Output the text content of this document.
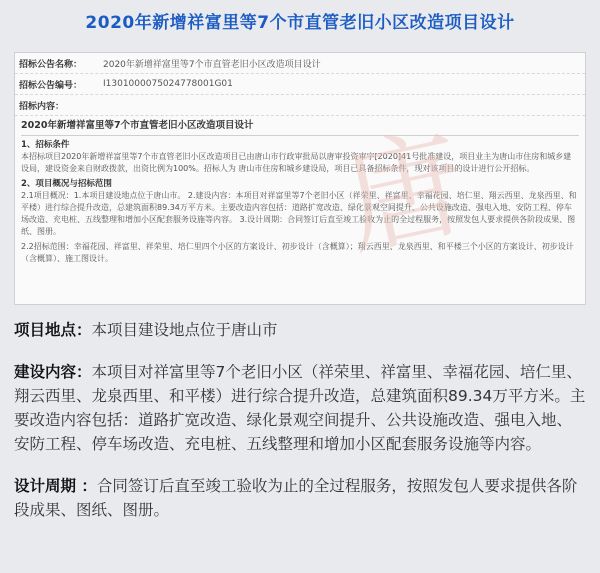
2020年新增祥富里等7个市直管老旧小区改造项目设计
招标公告名称：	2020年新增祥富里等7个市直管老旧小区改造项目设计
招标公告编号：	I1301000075024778001G01
招标内容：
2020年新增祥富里等7个市直管老旧小区改造项目设计
1、招标条件
本招标项目2020年新增祥富里等7个市直管老旧小区改造项目已由唐山市行政审批局以唐审投资审字[2020]41号批准建设，项目业主为唐山市住房和城乡建设局，建设资金来自财政拨款，出资比例为100%。招标人为 唐山市住房和城乡建设局，项目已具备招标条件，现对该项目的设计进行公开招标。
2、项目概况与招标范围
2.1项目概况：1.本项目建设地点位于唐山市。 2.建设内容：本项目对祥富里等7个老旧小区（祥荣里、祥富里、幸福花园、培仁里、翔云西里、龙泉西里、和平楼）进行综合提升改造，总建筑面积89.34万平方米。主要改造内容包括：道路扩宽改造、绿化景观空间提升、公共设施改造、强电入地、安防工程、停车场改造、充电桩、五线整理和增加小区配套服务设施等内容。 3.设计周期：合同签订后直至竣工验收为止的全过程服务，按照发包人要求提供各阶段成果、图纸、图册。
2.2招标范围：幸福花园、祥富里、祥荣里、培仁里四个小区的方案设计、初步设计（含概算）；翔云西里、龙泉西里、和平楼三个小区的方案设计、初步设计（含概算）、施工图设计。	唐

项目地点：本项目建设地点位于唐山市

建设内容：本项目对祥富里等7个老旧小区（祥荣里、祥富里、幸福花园、培仁里、翔云西里、龙泉西里、和平楼）进行综合提升改造，总建筑面积89.34万平方米。主要改造内容包括：道路扩宽改造、绿化景观空间提升、公共设施改造、强电入地、安防工程、停车场改造、充电桩、五线整理和增加小区配套服务设施等内容。

设计周期 ：合同签订后直至竣工验收为止的全过程服务，按照发包人要求提供各阶段成果、图纸、图册。
